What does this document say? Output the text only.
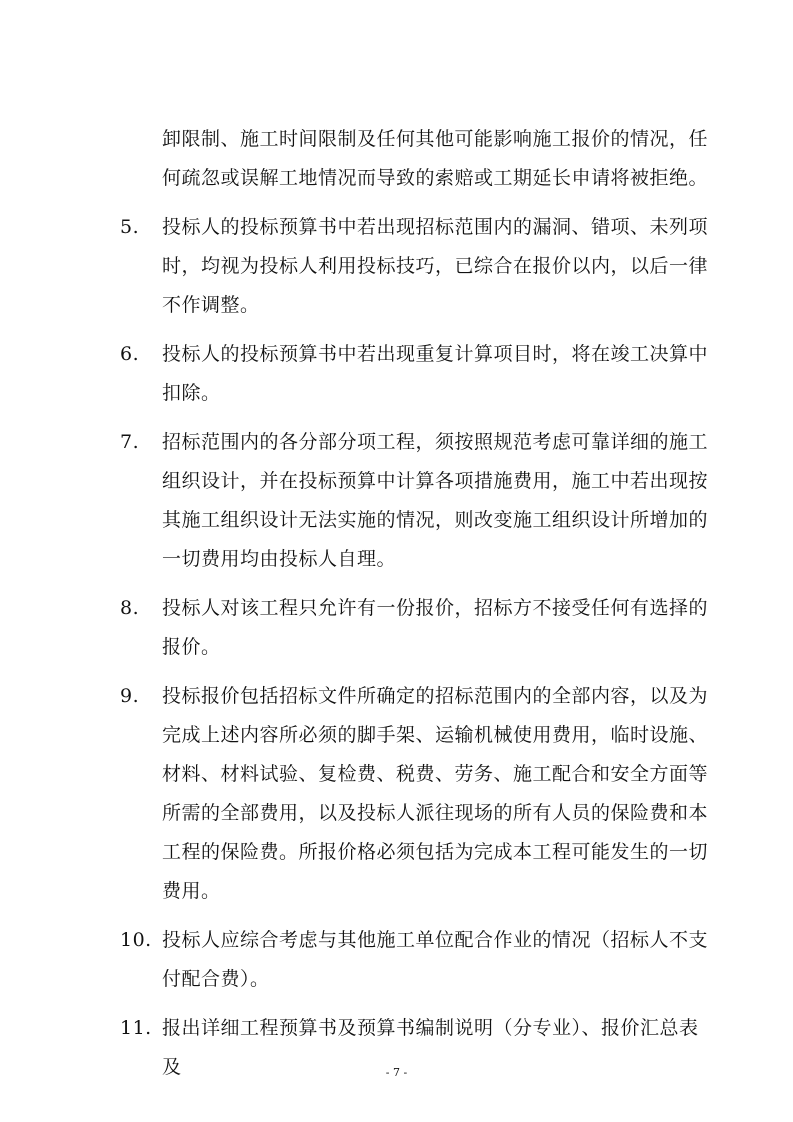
卸限制、施工时间限制及任何其他可能影响施工报价的情况，任何疏忽或误解工地情况而导致的索赔或工期延长申请将被拒绝。
5. 投标人的投标预算书中若出现招标范围内的漏洞、错项、未列项时，均视为投标人利用投标技巧，已综合在报价以内，以后一律不作调整。
6. 投标人的投标预算书中若出现重复计算项目时，将在竣工决算中扣除。
7. 招标范围内的各分部分项工程，须按照规范考虑可靠详细的施工组织设计，并在投标预算中计算各项措施费用，施工中若出现按其施工组织设计无法实施的情况，则改变施工组织设计所增加的一切费用均由投标人自理。
8. 投标人对该工程只允许有一份报价，招标方不接受任何有选择的报价。
9. 投标报价包括招标文件所确定的招标范围内的全部内容，以及为完成上述内容所必须的脚手架、运输机械使用费用，临时设施、材料、材料试验、复检费、税费、劳务、施工配合和安全方面等所需的全部费用，以及投标人派往现场的所有人员的保险费和本工程的保险费。所报价格必须包括为完成本工程可能发生的一切费用。
10. 投标人应综合考虑与其他施工单位配合作业的情况（招标人不支付配合费）。
11. 报出详细工程预算书及预算书编制说明（分专业）、报价汇总表及	- 7 -
